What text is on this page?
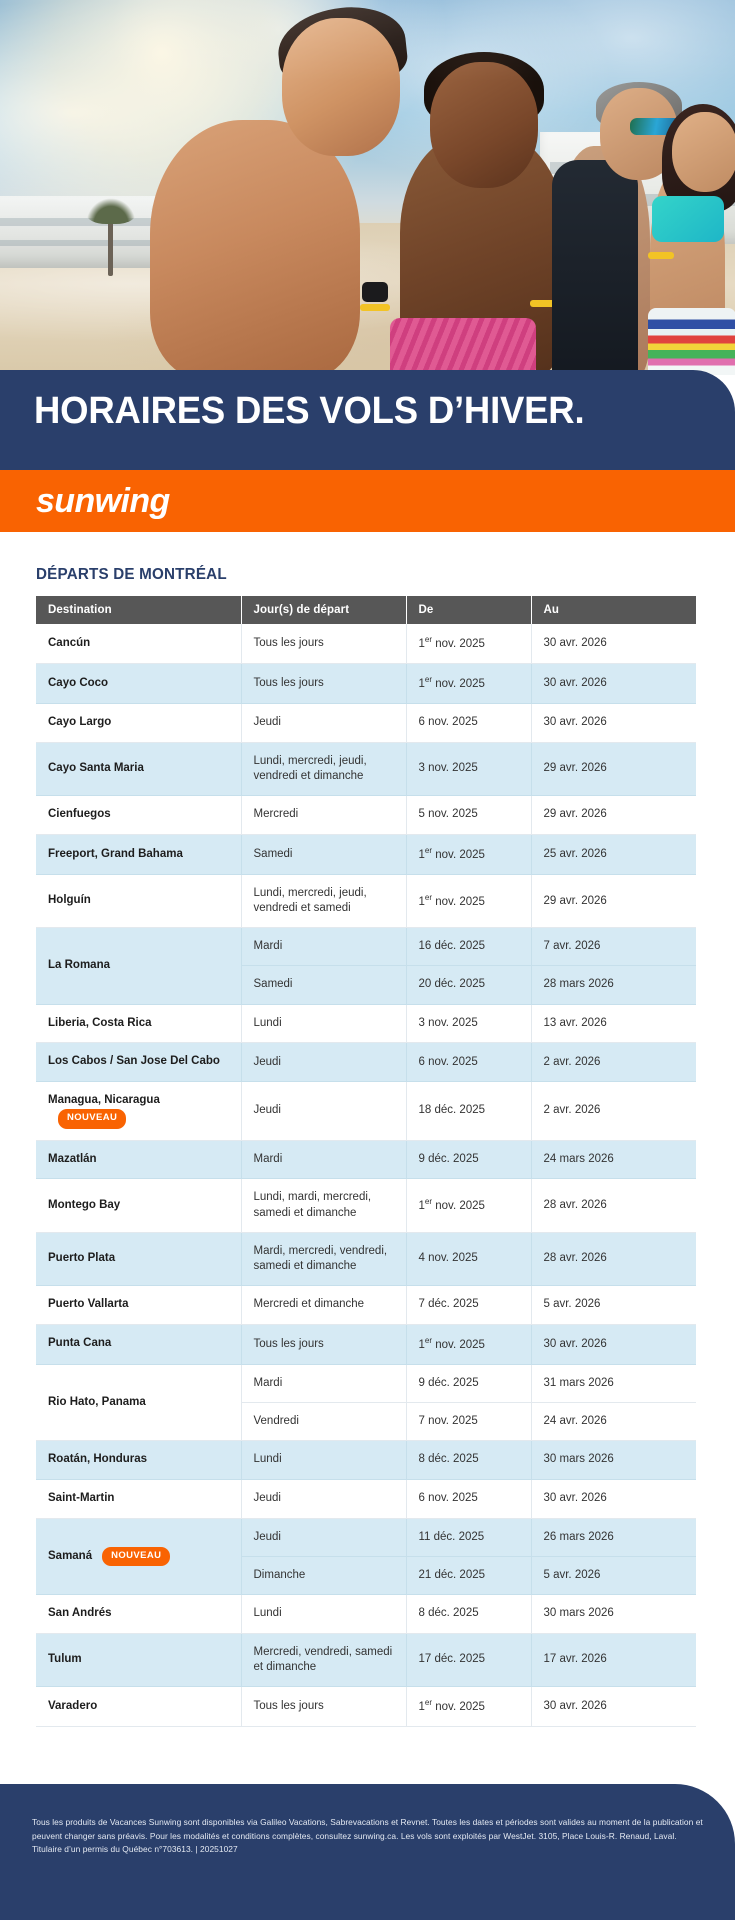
HORAIRES DES VOLS D’HIVER.
sunwing
DÉPARTS DE MONTRÉAL
Destination	Jour(s) de départ	De	Au
Cancún	Tous les jours	1er nov. 2025	30 avr. 2026
Cayo Coco	Tous les jours	1er nov. 2025	30 avr. 2026
Cayo Largo	Jeudi	6 nov. 2025	30 avr. 2026
Cayo Santa Maria	Lundi, mercredi, jeudi, vendredi et dimanche	3 nov. 2025	29 avr. 2026
Cienfuegos	Mercredi	5 nov. 2025	29 avr. 2026
Freeport, Grand Bahama	Samedi	1er nov. 2025	25 avr. 2026
Holguín	Lundi, mercredi, jeudi, vendredi et samedi	1er nov. 2025	29 avr. 2026
La Romana	Mardi	16 déc. 2025	7 avr. 2026
	Samedi	20 déc. 2025	28 mars 2026
Liberia, Costa Rica	Lundi	3 nov. 2025	13 avr. 2026
Los Cabos / San Jose Del Cabo	Jeudi	6 nov. 2025	2 avr. 2026
Managua, NicaraguaNOUVEAU	Jeudi	18 déc. 2025	2 avr. 2026
Mazatlán	Mardi	9 déc. 2025	24 mars 2026
Montego Bay	Lundi, mardi, mercredi, samedi et dimanche	1er nov. 2025	28 avr. 2026
Puerto Plata	Mardi, mercredi, vendredi, samedi et dimanche	4 nov. 2025	28 avr. 2026
Puerto Vallarta	Mercredi et dimanche	7 déc. 2025	5 avr. 2026
Punta Cana	Tous les jours	1er nov. 2025	30 avr. 2026
Rio Hato, Panama	Mardi	9 déc. 2025	31 mars 2026
	Vendredi	7 nov. 2025	24 avr. 2026
Roatán, Honduras	Lundi	8 déc. 2025	30 mars 2026
Saint-Martin	Jeudi	6 nov. 2025	30 avr. 2026
Samaná NOUVEAU	Jeudi	11 déc. 2025	26 mars 2026
	Dimanche	21 déc. 2025	5 avr. 2026
San Andrés	Lundi	8 déc. 2025	30 mars 2026
Tulum	Mercredi, vendredi, samedi et dimanche	17 déc. 2025	17 avr. 2026
Varadero	Tous les jours	1er nov. 2025	30 avr. 2026

Tous les produits de Vacances Sunwing sont disponibles via Galileo Vacations, Sabrevacations et Revnet. Toutes les dates et périodes sont valides au moment de la publication et peuvent changer sans préavis. Pour les modalités et conditions complètes, consultez sunwing.ca. Les vols sont exploités par WestJet. 3105, Place Louis-R. Renaud, Laval. Titulaire d’un permis du Québec n°703613. | 20251027
